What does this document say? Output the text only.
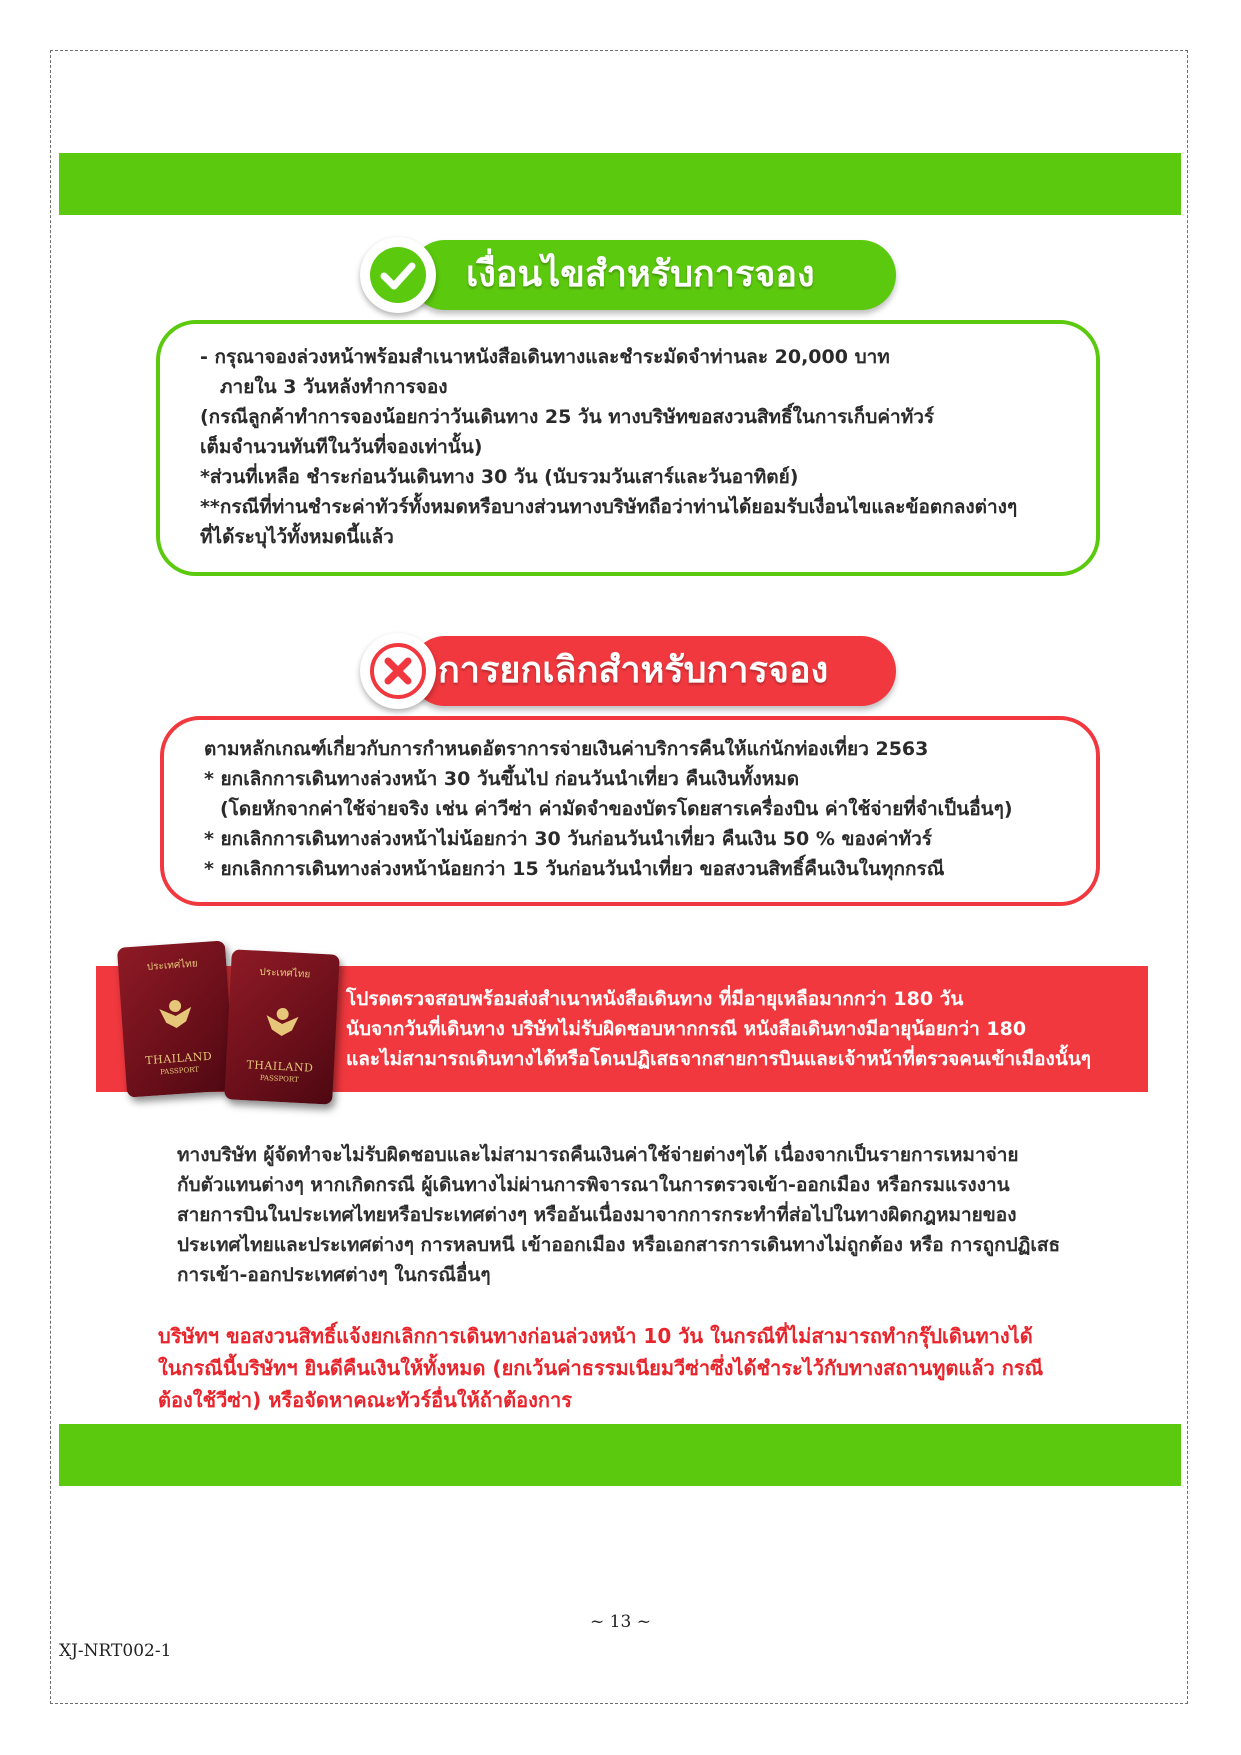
เงื่อนไขสำหรับการจอง

- กรุณาจองล่วงหน้าพร้อมสำเนาหนังสือเดินทางและชำระมัดจำท่านละ 20,000 บาท

ภายใน 3 วันหลังทำการจอง

(กรณีลูกค้าทำการจองน้อยกว่าวันเดินทาง 25 วัน ทางบริษัทขอสงวนสิทธิ์ในการเก็บค่าทัวร์

เต็มจำนวนทันทีในวันที่จองเท่านั้น)

*ส่วนที่เหลือ ชำระก่อนวันเดินทาง 30 วัน (นับรวมวันเสาร์และวันอาทิตย์)

**กรณีที่ท่านชำระค่าทัวร์ทั้งหมดหรือบางส่วนทางบริษัทถือว่าท่านได้ยอมรับเงื่อนไขและข้อตกลงต่างๆ

ที่ได้ระบุไว้ทั้งหมดนี้แล้ว

การยกเลิกสำหรับการจอง

ตามหลักเกณฑ์เกี่ยวกับการกำหนดอัตราการจ่ายเงินค่าบริการคืนให้แก่นักท่องเที่ยว 2563

* ยกเลิกการเดินทางล่วงหน้า 30 วันขึ้นไป ก่อนวันนำเที่ยว คืนเงินทั้งหมด

(โดยหักจากค่าใช้จ่ายจริง เช่น ค่าวีซ่า ค่ามัดจำของบัตรโดยสารเครื่องบิน ค่าใช้จ่ายที่จำเป็นอื่นๆ)

* ยกเลิกการเดินทางล่วงหน้าไม่น้อยกว่า 30 วันก่อนวันนำเที่ยว คืนเงิน 50 % ของค่าทัวร์

* ยกเลิกการเดินทางล่วงหน้าน้อยกว่า 15 วันก่อนวันนำเที่ยว ขอสงวนสิทธิ์คืนเงินในทุกกรณี

โปรดตรวจสอบพร้อมส่งสำเนาหนังสือเดินทาง ที่มีอายุเหลือมากกว่า 180 วัน

นับจากวันที่เดินทาง บริษัทไม่รับผิดชอบหากกรณี หนังสือเดินทางมีอายุน้อยกว่า 180

และไม่สามารถเดินทางได้หรือโดนปฏิเสธจากสายการบินและเจ้าหน้าที่ตรวจคนเข้าเมืองนั้นๆ

ประเทศไทย
THAILAND
PASSPORT
ประเทศไทย
THAILAND
PASSPORT

ทางบริษัท ผู้จัดทำจะไม่รับผิดชอบและไม่สามารถคืนเงินค่าใช้จ่ายต่างๆได้ เนื่องจากเป็นรายการเหมาจ่าย

กับตัวแทนต่างๆ หากเกิดกรณี ผู้เดินทางไม่ผ่านการพิจารณาในการตรวจเข้า-ออกเมือง หรือกรมแรงงาน

สายการบินในประเทศไทยหรือประเทศต่างๆ หรืออันเนื่องมาจากการกระทำที่ส่อไปในทางผิดกฎหมายของ

ประเทศไทยและประเทศต่างๆ การหลบหนี เข้าออกเมือง หรือเอกสารการเดินทางไม่ถูกต้อง หรือ การถูกปฏิเสธ

การเข้า-ออกประเทศต่างๆ ในกรณีอื่นๆ

บริษัทฯ ขอสงวนสิทธิ์แจ้งยกเลิกการเดินทางก่อนล่วงหน้า 10 วัน ในกรณีที่ไม่สามารถทำกรุ๊ปเดินทางได้

ในกรณีนี้บริษัทฯ ยินดีคืนเงินให้ทั้งหมด (ยกเว้นค่าธรรมเนียมวีซ่าซึ่งได้ชำระไว้กับทางสถานทูตแล้ว กรณี

ต้องใช้วีซ่า) หรือจัดหาคณะทัวร์อื่นให้ถ้าต้องการ

~ 13 ~
XJ-NRT002-1
